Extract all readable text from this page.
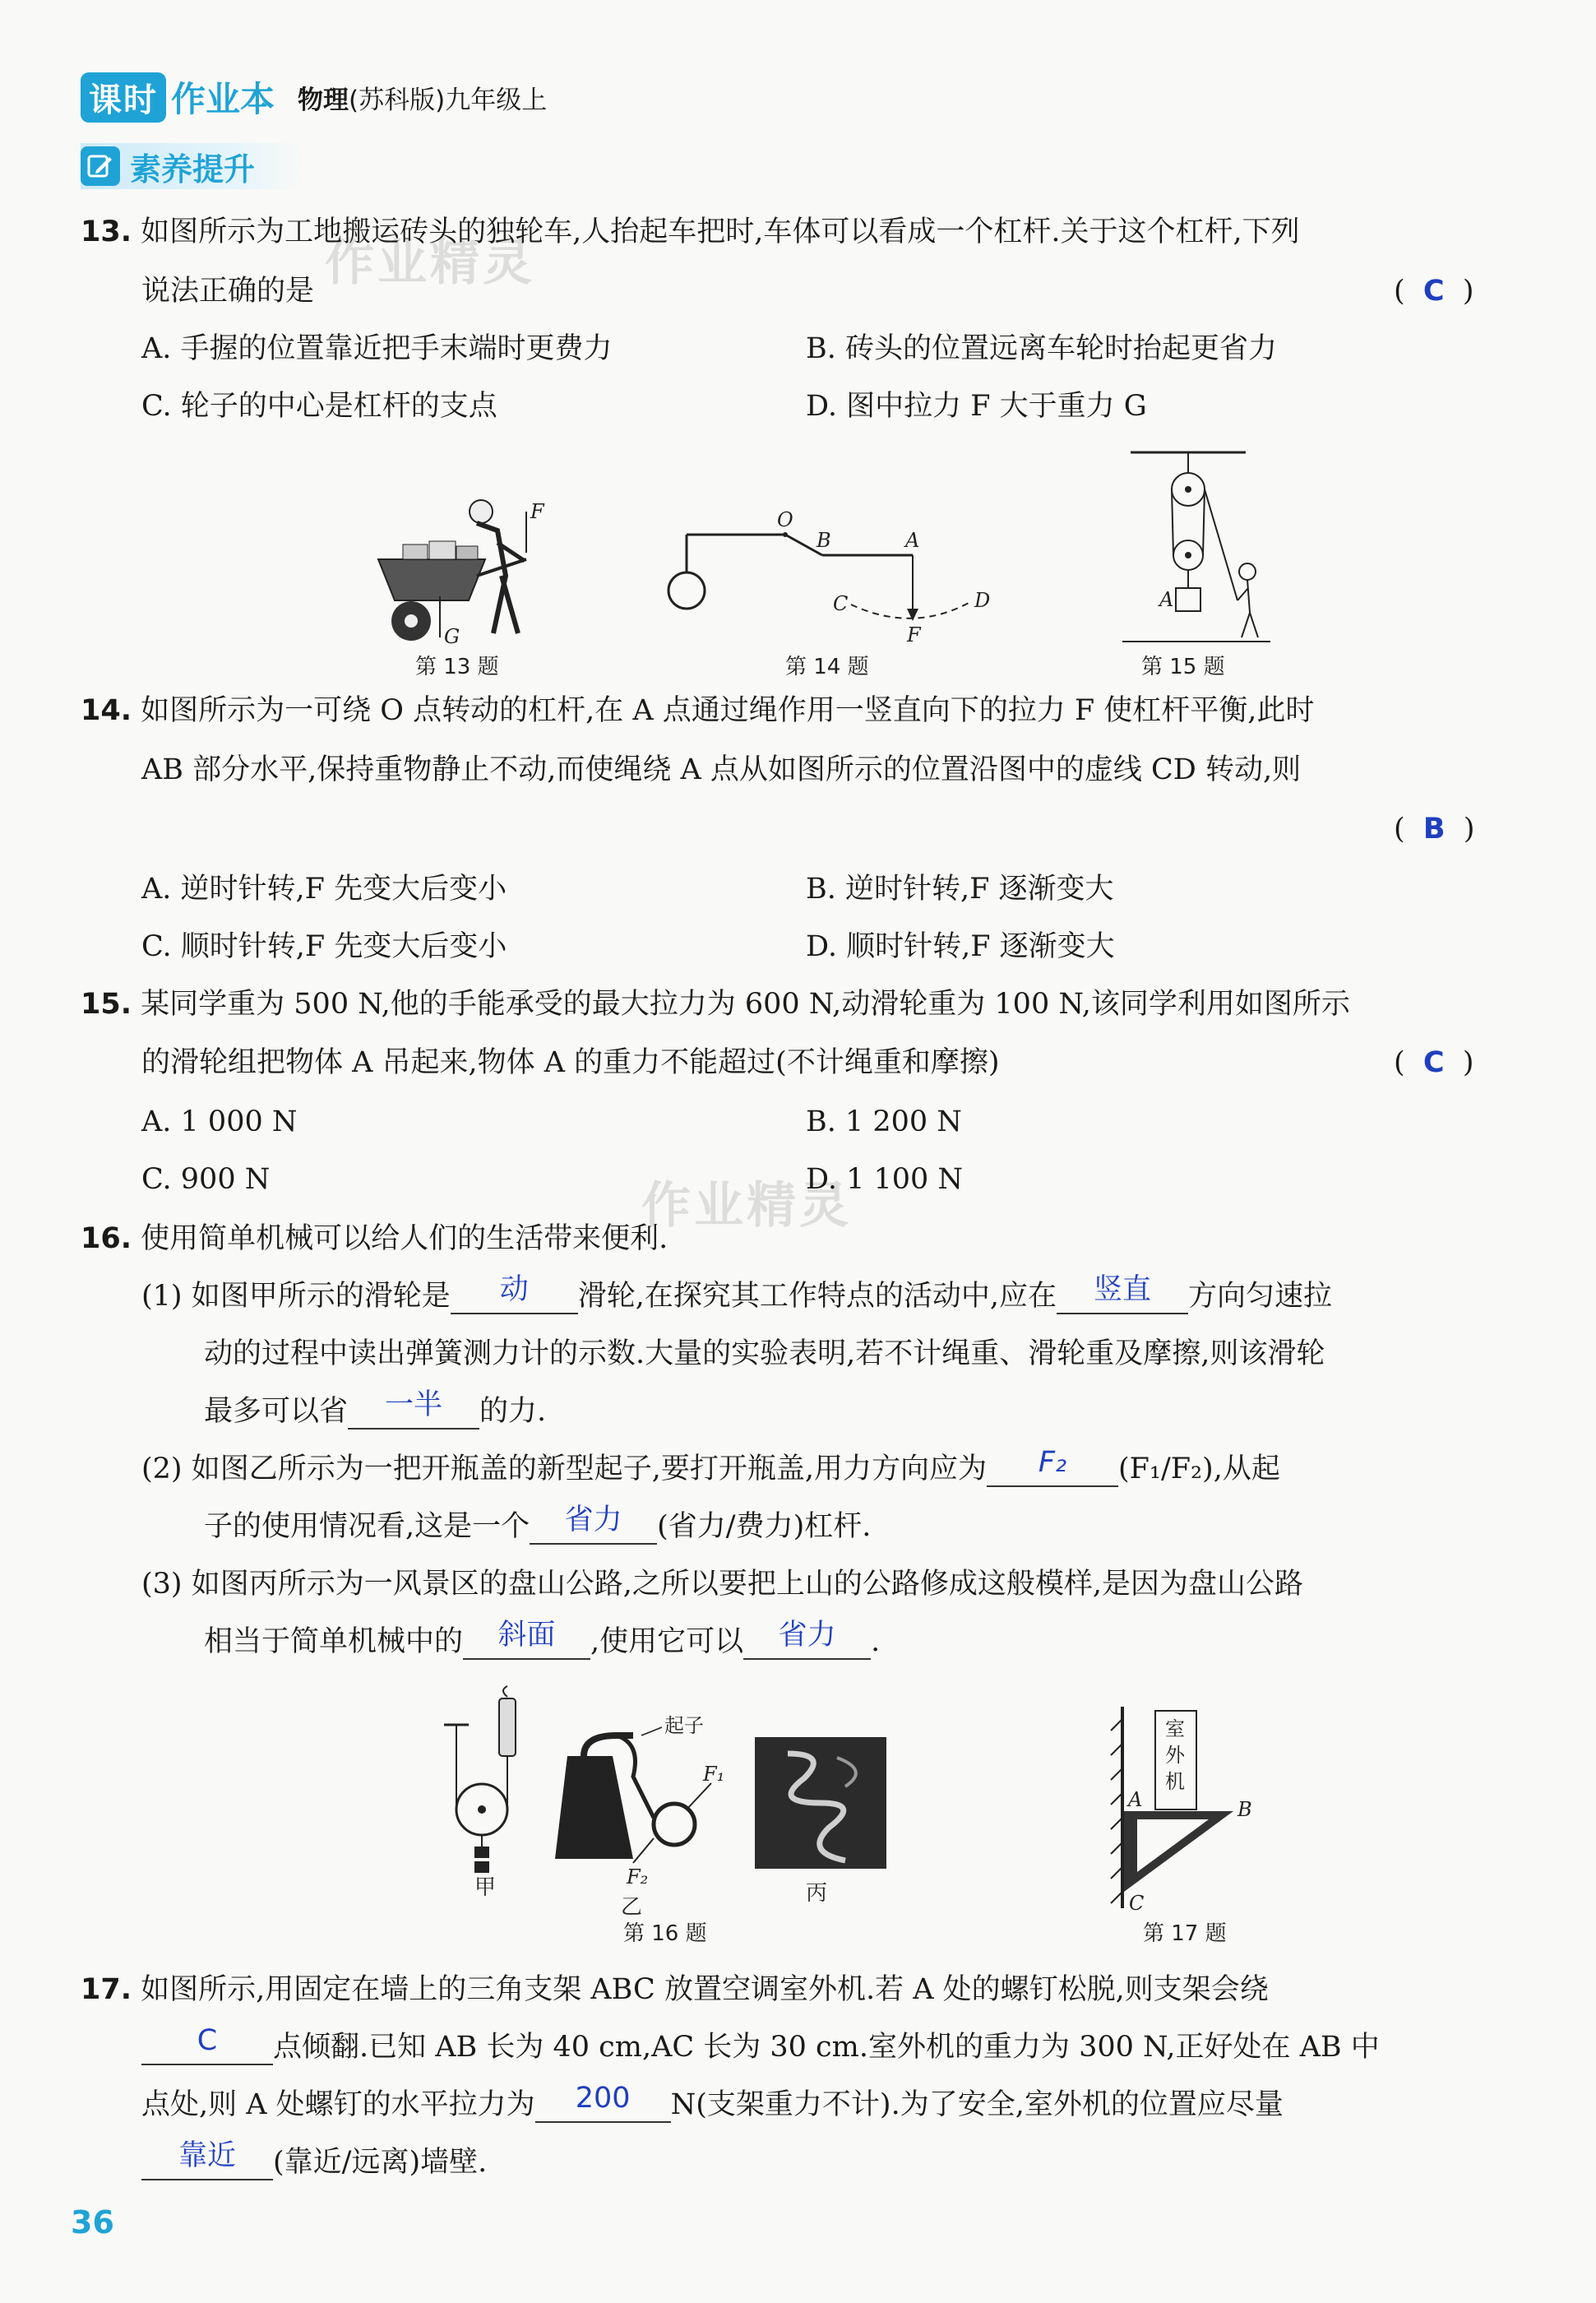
课时 作业本 物理(苏科版)九年级上
素养提升
作业精灵
作业精灵
13. 如图所示为工地搬运砖头的独轮车,人抬起车把时,车体可以看成一个杠杆.关于这个杠杆,下列
说法正确的是	(  C  )
A. 手握的位置靠近把手末端时更费力	B. 砖头的位置远离车轮时抬起更省力
C. 轮子的中心是杠杆的支点	D. 图中拉力 F 大于重力 G
F
G
第 13 题
O
B	A
C	D
F
第 14 题
A
第 15 题
14. 如图所示为一可绕 O 点转动的杠杆,在 A 点通过绳作用一竖直向下的拉力 F 使杠杆平衡,此时
AB 部分水平,保持重物静止不动,而使绳绕 A 点从如图所示的位置沿图中的虚线 CD 转动,则
(  B  )
A. 逆时针转,F 先变大后变小	B. 逆时针转,F 逐渐变大
C. 顺时针转,F 先变大后变小	D. 顺时针转,F 逐渐变大
15. 某同学重为 500 N,他的手能承受的最大拉力为 600 N,动滑轮重为 100 N,该同学利用如图所示
的滑轮组把物体 A 吊起来,物体 A 的重力不能超过(不计绳重和摩擦)	(  C  )
A. 1 000 N	B. 1 200 N
C. 900 N	D. 1 100 N
16. 使用简单机械可以给人们的生活带来便利.
(1) 如图甲所示的滑轮是 动 滑轮,在探究其工作特点的活动中,应在 竖直 方向匀速拉
动的过程中读出弹簧测力计的示数.大量的实验表明,若不计绳重、滑轮重及摩擦,则该滑轮
最多可以省 一半 的力.
(2) 如图乙所示为一把开瓶盖的新型起子,要打开瓶盖,用力方向应为 F₂ (F₁/F₂),从起
子的使用情况看,这是一个 省力 (省力/费力)杠杆.
(3) 如图丙所示为一风景区的盘山公路,之所以要把上山的公路修成这般模样,是因为盘山公路
相当于简单机械中的 斜面 ,使用它可以 省力 .
甲
起子
F₁
F₂
乙
丙
第 16 题
室
外
机
A	B
C
第 17 题
17. 如图所示,用固定在墙上的三角支架 ABC 放置空调室外机.若 A 处的螺钉松脱,则支架会绕
C 点倾翻.已知 AB 长为 40 cm,AC 长为 30 cm.室外机的重力为 300 N,正好处在 AB 中
点处,则 A 处螺钉的水平拉力为 200 N(支架重力不计).为了安全,室外机的位置应尽量
靠近 (靠近/远离)墙壁.
36
